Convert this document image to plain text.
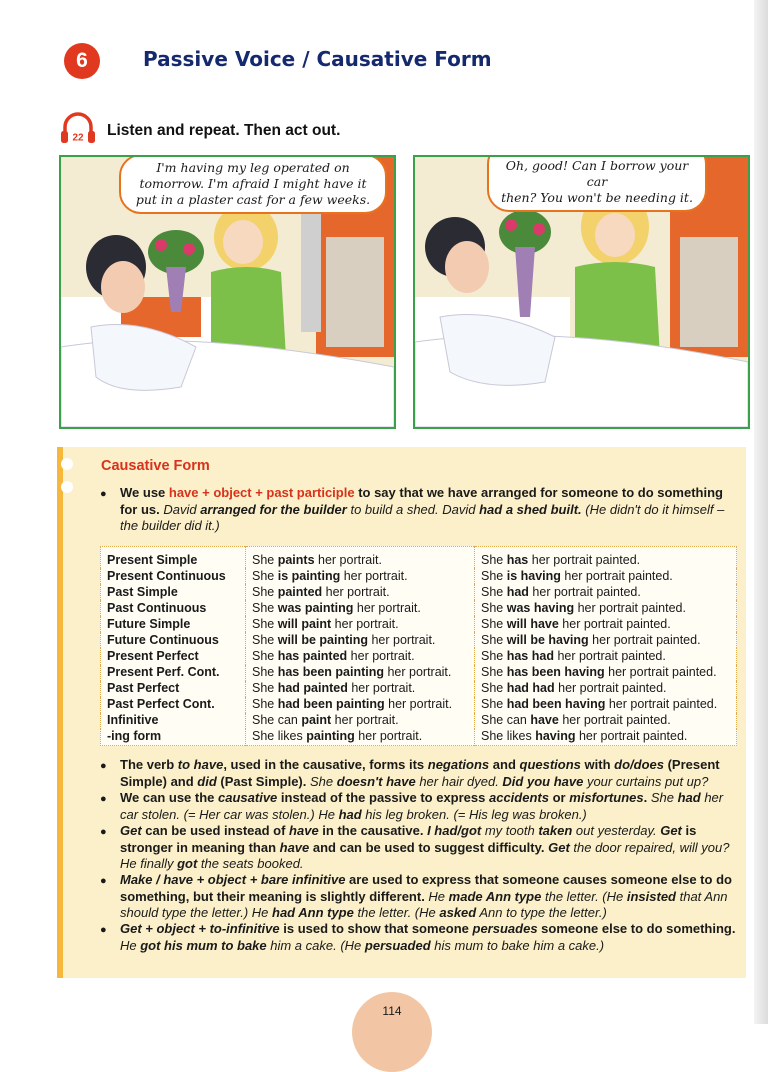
6	Passive Voice / Causative Form
22 Listen and repeat. Then act out.
I'm having my leg operated on
tomorrow. I'm afraid I might have it
put in a plaster cast for a few weeks.
Oh, good! Can I borrow your car
then? You won't be needing it.
Causative Form

● We use have + object + past participle to say that we have arranged for someone to do something for us. David arranged for the builder to build a shed. David had a shed built. (He didn't do it himself – the builder did it.)

Present Simple	She paints her portrait.	She has her portrait painted.
Present Continuous	She is painting her portrait.	She is having her portrait painted.
Past Simple	She painted her portrait.	She had her portrait painted.
Past Continuous	She was painting her portrait.	She was having her portrait painted.
Future Simple	She will paint her portrait.	She will have her portrait painted.
Future Continuous	She will be painting her portrait.	She will be having her portrait painted.
Present Perfect	She has painted her portrait.	She has had her portrait painted.
Present Perf. Cont.	She has been painting her portrait.	She has been having her portrait painted.
Past Perfect	She had painted her portrait.	She had had her portrait painted.
Past Perfect Cont.	She had been painting her portrait.	She had been having her portrait painted.
Infinitive	She can paint her portrait.	She can have her portrait painted.
-ing form	She likes painting her portrait.	She likes having her portrait painted.

● The verb to have, used in the causative, forms its negations and questions with do/does (Present Simple) and did (Past Simple). She doesn't have her hair dyed. Did you have your curtains put up?

● We can use the causative instead of the passive to express accidents or misfortunes. She had her car stolen. (= Her car was stolen.) He had his leg broken. (= His leg was broken.)

● Get can be used instead of have in the causative. I had/got my tooth taken out yesterday. Get is stronger in meaning than have and can be used to suggest difficulty. Get the door repaired, will you? He finally got the seats booked.

● Make / have + object + bare infinitive are used to express that someone causes someone else to do something, but their meaning is slightly different. He made Ann type the letter. (He insisted that Ann should type the letter.) He had Ann type the letter. (He asked Ann to type the letter.)

● Get + object + to-infinitive is used to show that someone persuades someone else to do something. He got his mum to bake him a cake. (He persuaded his mum to bake him a cake.)

114
